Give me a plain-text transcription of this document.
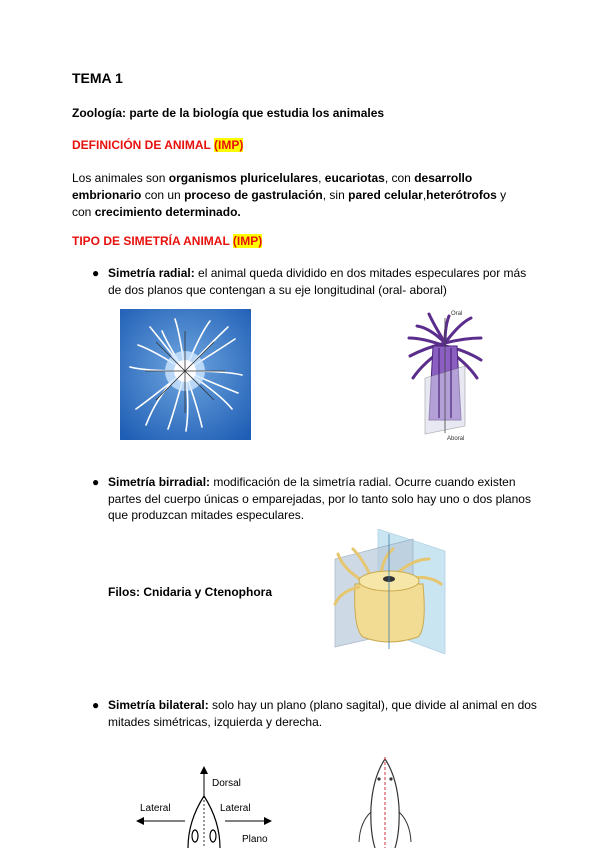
TEMA 1
Zoología: parte de la biología que estudia los animales
DEFINICIÓN DE ANIMAL (IMP)
Los animales son organismos pluricelulares, eucariotas, con desarrollo embrionario con un proceso de gastrulación, sin pared celular,heterótrofos y con crecimiento determinado.
TIPO DE SIMETRÍA ANIMAL (IMP)
● Simetría radial: el animal queda dividido en dos mitades especulares por más de dos planos que contengan a su eje longitudinal (oral- aboral)
Oral
Aboral
● Simetría birradial: modificación de la simetría radial. Ocurre cuando existen partes del cuerpo únicas o emparejadas, por lo tanto solo hay uno o dos planos que produzcan mitades especulares.
Filos: Cnidaria y Ctenophora
● Simetría bilateral: solo hay un plano (plano sagital), que divide al animal en dos mitades simétricas, izquierda y derecha.
Dorsal
Lateral	Lateral
Plano
